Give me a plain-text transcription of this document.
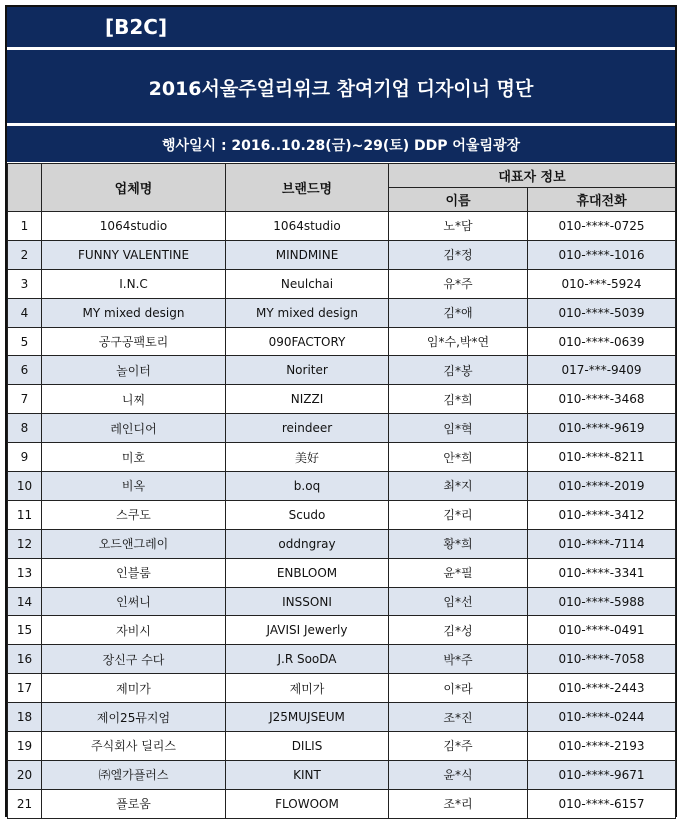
[B2C]
2016서울주얼리위크 참여기업 디자이너 명단
행사일시 : 2016..10.28(금)~29(토) DDP 어울림광장
	업체명	브랜드명	대표자 정보	
			이름	휴대전화
1	1064studio	1064studio	노*담	010-****-0725
2	FUNNY VALENTINE	MINDMINE	김*정	010-****-1016
3	I.N.C	Neulchai	유*주	010-***-5924
4	MY mixed design	MY mixed design	김*애	010-****-5039
5	공구공팩토리	090FACTORY	임*수,박*연	010-****-0639
6	놀이터	Noriter	김*봉	017-***-9409
7	니찌	NIZZI	김*희	010-****-3468
8	레인디어	reindeer	임*혁	010-****-9619
9	미호	美好	안*희	010-****-8211
10	비옥	b.oq	최*지	010-****-2019
11	스쿠도	Scudo	김*리	010-****-3412
12	오드앤그레이	oddngray	황*희	010-****-7114
13	인블룸	ENBLOOM	윤*필	010-****-3341
14	인써니	INSSONI	임*선	010-****-5988
15	자비시	JAVISI Jewerly	김*성	010-****-0491
16	장신구 수다	J.R SooDA	박*주	010-****-7058
17	제미가	제미가	이*라	010-****-2443
18	제이25뮤지엄	J25MUJSEUM	조*진	010-****-0244
19	주식회사 딜리스	DILIS	김*주	010-****-2193
20	㈜엘가플러스	KINT	윤*식	010-****-9671
21	플로움	FLOWOOM	조*리	010-****-6157
